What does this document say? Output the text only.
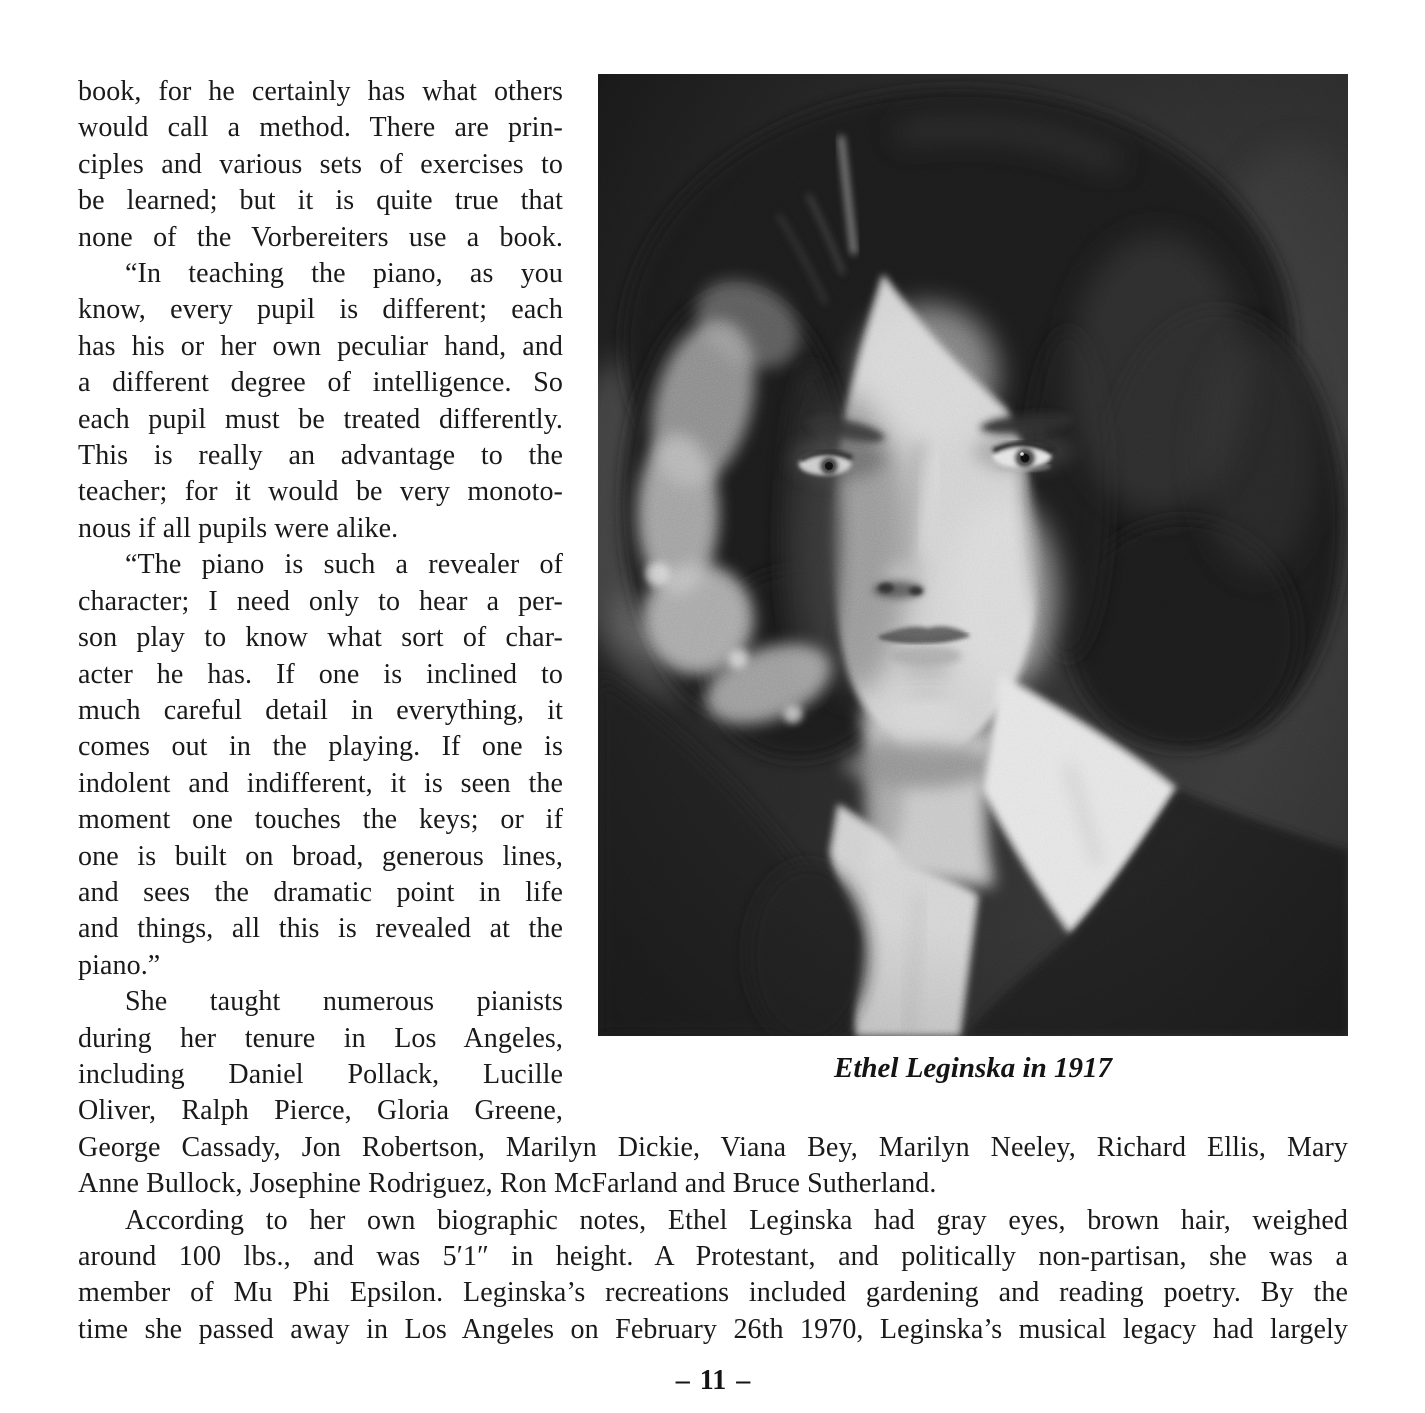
Ethel Leginska in 1917

book, for he certainly has what others
would call a method. There are prin-
ciples and various sets of exercises to
be learned; but it is quite true that
none of the Vorbereiters use a book.

“In teaching the piano, as you
know, every pupil is different; each
has his or her own peculiar hand, and
a different degree of intelligence. So
each pupil must be treated differently.
This is really an advantage to the
teacher; for it would be very monoto-
nous if all pupils were alike.

“The piano is such a revealer of
character; I need only to hear a per-
son play to know what sort of char-
acter he has. If one is inclined to
much careful detail in everything, it
comes out in the playing. If one is
indolent and indifferent, it is seen the
moment one touches the keys; or if
one is built on broad, generous lines,
and sees the dramatic point in life
and things, all this is revealed at the
piano.”

She taught numerous pianists
during her tenure in Los Angeles,
including Daniel Pollack, Lucille
Oliver, Ralph Pierce, Gloria Greene,
George Cassady, Jon Robertson, Marilyn Dickie, Viana Bey, Marilyn Neeley, Richard Ellis, Mary
Anne Bullock, Josephine Rodriguez, Ron McFarland and Bruce Sutherland.

According to her own biographic notes, Ethel Leginska had gray eyes, brown hair, weighed
around 100 lbs., and was 5′1″ in height. A Protestant, and politically non-partisan, she was a
member of Mu Phi Epsilon. Leginska’s recreations included gardening and reading poetry. By the
time she passed away in Los Angeles on February 26th 1970, Leginska’s musical legacy had largely

– 11 –
